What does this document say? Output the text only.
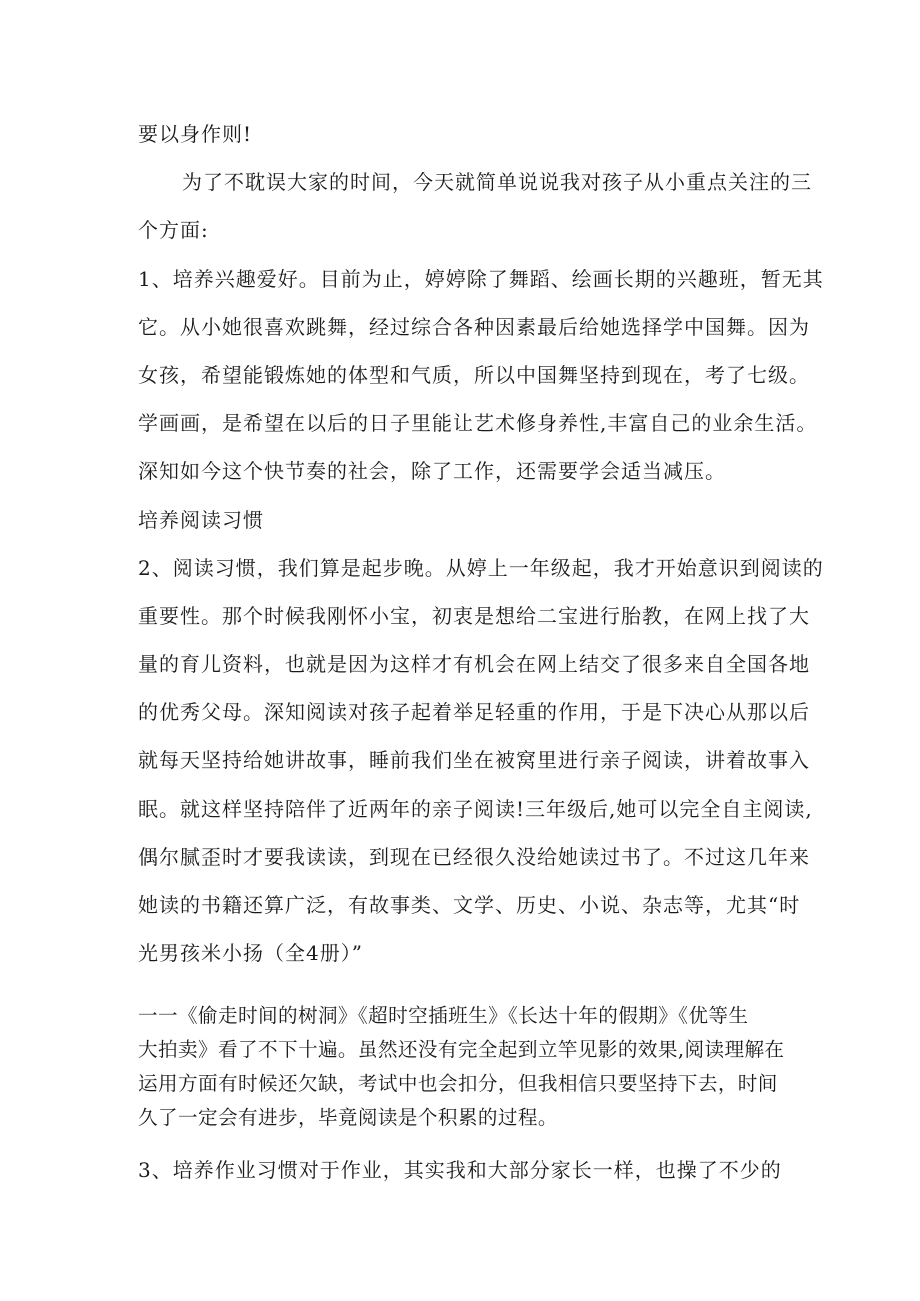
要以身作则!
为了不耽误大家的时间，今天就简单说说我对孩子从小重点关注的三
个方面:
1、培养兴趣爱好。目前为止，婷婷除了舞蹈、绘画长期的兴趣班，暂无其
它。从小她很喜欢跳舞，经过综合各种因素最后给她选择学中国舞。因为
女孩，希望能锻炼她的体型和气质，所以中国舞坚持到现在，考了七级。
学画画，是希望在以后的日子里能让艺术修身养性,丰富自己的业余生活。
深知如今这个快节奏的社会，除了工作，还需要学会适当减压。
培养阅读习惯
2、阅读习惯，我们算是起步晚。从婷上一年级起，我才开始意识到阅读的
重要性。那个时候我刚怀小宝，初衷是想给二宝进行胎教，在网上找了大
量的育儿资料，也就是因为这样才有机会在网上结交了很多来自全国各地
的优秀父母。深知阅读对孩子起着举足轻重的作用，于是下决心从那以后
就每天坚持给她讲故事，睡前我们坐在被窝里进行亲子阅读，讲着故事入
眠。就这样坚持陪伴了近两年的亲子阅读!三年级后,她可以完全自主阅读,
偶尔腻歪时才要我读读，到现在已经很久没给她读过书了。不过这几年来
她读的书籍还算广泛，有故事类、文学、历史、小说、杂志等，尤其“时
光男孩米小扬（全4册）”
一一《偷走时间的树洞》《超时空插班生》《长达十年的假期》《优等生
大拍卖》看了不下十遍。虽然还没有完全起到立竿见影的效果,阅读理解在
运用方面有时候还欠缺，考试中也会扣分，但我相信只要坚持下去，时间
久了一定会有进步，毕竟阅读是个积累的过程。
3、培养作业习惯对于作业，其实我和大部分家长一样，也操了不少的
